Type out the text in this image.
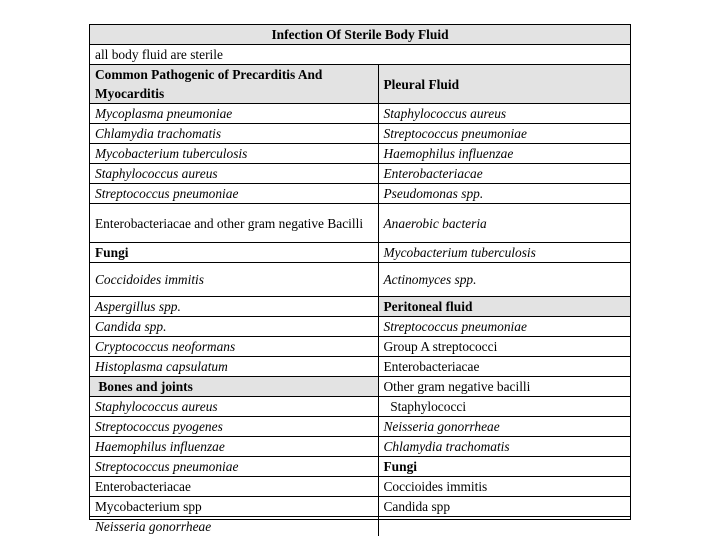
Infection Of Sterile Body Fluid	
all body fluid are sterile	
Common Pathogenic of Precarditis And Myocarditis	Pleural Fluid
Mycoplasma pneumoniae	Staphylococcus aureus
Chlamydia trachomatis	Streptococcus pneumoniae
Mycobacterium tuberculosis	Haemophilus influenzae
Staphylococcus aureus	Enterobacteriacae
Streptococcus pneumoniae	Pseudomonas spp.
Enterobacteriacae and other gram negative Bacilli	Anaerobic bacteria
Fungi	Mycobacterium tuberculosis
Coccidoides immitis	Actinomyces spp.
Aspergillus spp.	Peritoneal fluid
Candida spp.	Streptococcus pneumoniae
Cryptococcus neoformans	Group A streptococci
Histoplasma capsulatum	Enterobacteriacae
Bones and joints	Other gram negative bacilli
Staphylococcus aureus	Staphylococci
Streptococcus pyogenes	Neisseria gonorrheae
Haemophilus influenzae	Chlamydia trachomatis
Streptococcus pneumoniae	Fungi
Enterobacteriacae	Coccioides immitis
Mycobacterium spp	Candida spp
Neisseria gonorrheae	
